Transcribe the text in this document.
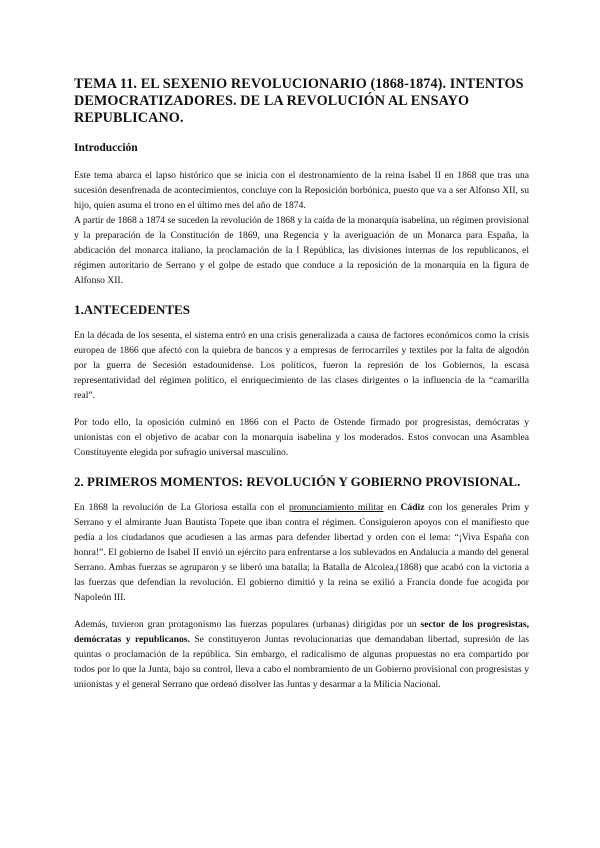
TEMA 11. EL SEXENIO REVOLUCIONARIO (1868-1874). INTENTOS DEMOCRATIZADORES. DE LA REVOLUCIÓN AL ENSAYO REPUBLICANO.
Introducción

Este tema abarca el lapso histórico que se inicia con el destronamiento de la reina Isabel II en 1868 que tras una sucesión desenfrenada de acontecimientos, concluye con la Reposición borbónica, puesto que va a ser Alfonso XII, su hijo, quien asuma el trono en el último mes del año de 1874.

A partir de 1868 a 1874 se suceden la revolución de 1868 y la caída de la monarquía isabelina, un régimen provisional y la preparación de la Constitución de 1869, una Regencia y la averiguación de un Monarca para España, la abdicación del monarca italiano, la proclamación de la I República, las divisiones internas de los republicanos, el régimen autoritario de Serrano y el golpe de estado que conduce a la reposición de la monarquía en la figura de Alfonso XII.

1.ANTECEDENTES

En la década de los sesenta, el sistema entró en una crisis generalizada a causa de factores económicos como la crisis europea de 1866 que afectó con la quiebra de bancos y a empresas de ferrocarriles y textiles por la falta de algodón por la guerra de Secesión estadounidense. Los políticos, fueron la represión de los Gobiernos, la escasa representatividad del régimen político, el enriquecimiento de las clases dirigentes o la influencia de la “camarilla real”.

Por todo ello, la oposición culminó en 1866 con el Pacto de Ostende firmado por progresistas, demócratas y unionistas con el objetivo de acabar con la monarquía isabelina y los moderados. Estos convocan una Asamblea Constituyente elegida por sufragio universal masculino.

2. PRIMEROS MOMENTOS: REVOLUCIÓN Y GOBIERNO PROVISIONAL.

En 1868 la revolución de La Gloriosa estalla con el pronunciamiento militar en Cádiz con los generales Prim y Serrano y el almirante Juan Bautista Topete que iban contra el régimen. Consiguieron apoyos con el manifiesto que pedía a los ciudadanos que acudiesen a las armas para defender libertad y orden con el lema: “¡Viva España con honra!”. El gobierno de Isabel II envió un ejército para enfrentarse a los sublevados en Andalucía a mando del general Serrano. Ambas fuerzas se agruparon y se liberó una batalla; la Batalla de Alcolea,(1868) que acabó con la victoria a las fuerzas que defendían la revolución. El gobierno dimitió y la reina se exilió a Francia donde fue acogida por Napoleón III.

Además, tuvieron gran protagonismo las fuerzas populares (urbanas) dirigidas por un sector de los progresistas, demócratas y republicanos. Se constituyeron Juntas revolucionarias que demandaban libertad, supresión de las quintas o proclamación de la república. Sin embargo, el radicalismo de algunas propuestas no era compartido por todos por lo que la Junta, bajo su control, lleva a cabo el nombramiento de un Gobierno provisional con progresistas y unionistas y el general Serrano que ordenó disolver las Juntas y desarmar a la Milicia Nacional.
